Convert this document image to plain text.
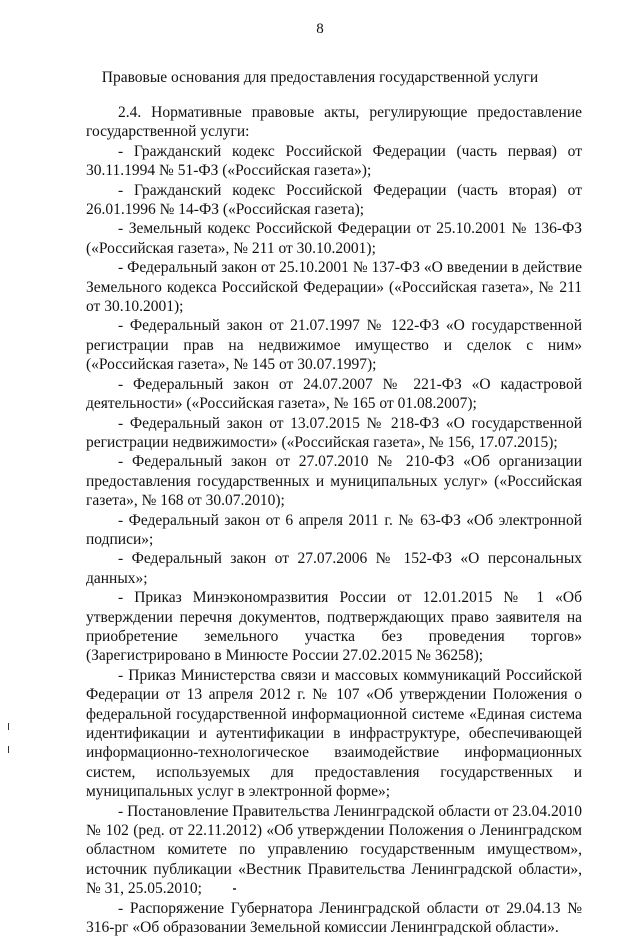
8
Правовые основания для предоставления государственной услуги

2.4. Нормативные правовые акты, регулирующие предоставление государственной услуги:

- Гражданский кодекс Российской Федерации (часть первая) от 30.11.1994 № 51-ФЗ («Российская газета»);

- Гражданский кодекс Российской Федерации (часть вторая) от 26.01.1996 № 14-ФЗ («Российская газета);

- Земельный кодекс Российской Федерации от 25.10.2001 № 136-ФЗ («Российская газета», № 211 от 30.10.2001);

- Федеральный закон от 25.10.2001 № 137-ФЗ «О введении в действие Земельного кодекса Российской Федерации» («Российская газета», № 211 от 30.10.2001);

- Федеральный закон от 21.07.1997 № 122-ФЗ «О государственной регистрации прав на недвижимое имущество и сделок с ним» («Российская газета», № 145 от 30.07.1997);

- Федеральный закон от 24.07.2007 № 221-ФЗ «О кадастровой деятельности» («Российская газета», № 165 от 01.08.2007);

- Федеральный закон от 13.07.2015 № 218-ФЗ «О государственной регистрации недвижимости» («Российская газета», № 156, 17.07.2015);

- Федеральный закон от 27.07.2010 № 210-ФЗ «Об организации предоставления государственных и муниципальных услуг» («Российская газета», № 168 от 30.07.2010);

- Федеральный закон от 6 апреля 2011 г. № 63-ФЗ «Об электронной подписи»;

- Федеральный закон от 27.07.2006 № 152-ФЗ «О персональных данных»;

- Приказ Минэкономразвития России от 12.01.2015 № 1 «Об утверждении перечня документов, подтверждающих право заявителя на приобретение земельного участка без проведения торгов» (Зарегистрировано в Минюсте России 27.02.2015 № 36258);

- Приказ Министерства связи и массовых коммуникаций Российской Федерации от 13 апреля 2012 г. № 107 «Об утверждении Положения о федеральной государственной информационной системе «Единая система идентификации и аутентификации в инфраструктуре, обеспечивающей информационно-технологическое взаимодействие информационных систем, используемых для предоставления государственных и муниципальных услуг в электронной форме»;

- Постановление Правительства Ленинградской области от 23.04.2010 № 102 (ред. от 22.11.2012) «Об утверждении Положения о Ленинградском областном комитете по управлению государственным имуществом», источник публикации «Вестник Правительства Ленинградской области», № 31, 25.05.2010;

- Распоряжение Губернатора Ленинградской области от 29.04.13 № 316-рг «Об образовании Земельной комиссии Ленинградской области».
